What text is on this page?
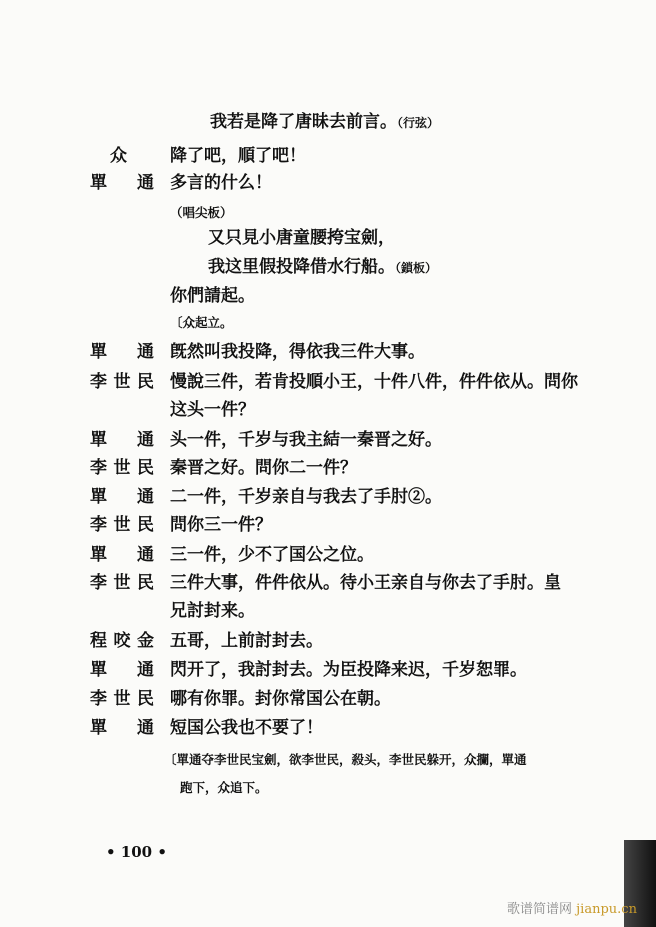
我若是降了唐昧去前言。（行弦）
众	降了吧，順了吧！
單　通 多言的什么！
（唱尖板）
又只見小唐童腰挎宝劍，
我这里假投降借水行船。（鎖板）
你們請起。
〔众起立。
單　通 旣然叫我投降，得依我三件大事。
李世民 慢說三件，若肯投順小王，十件八件，件件依从。問你
这头一件？
單　通 头一件，千岁与我主結一秦晋之好。
李世民 秦晋之好。問你二一件？
單　通 二一件，千岁亲自与我去了手肘②。
李世民 問你三一件？
單　通 三一件，少不了国公之位。
李世民 三件大事，件件依从。待小王亲自与你去了手肘。皇
兄討封来。
程咬金 五哥，上前討封去。
單　通 閃开了，我討封去。为臣投降来迟，千岁恕罪。
李世民 哪有你罪。封你常国公在朝。
單　通 短国公我也不要了！
〔單通夺李世民宝劍，欲李世民，殺头，李世民躲开，众攔，單通
跑下，众追下。
• 100 •
歌谱简谱网 jianpu.cn
